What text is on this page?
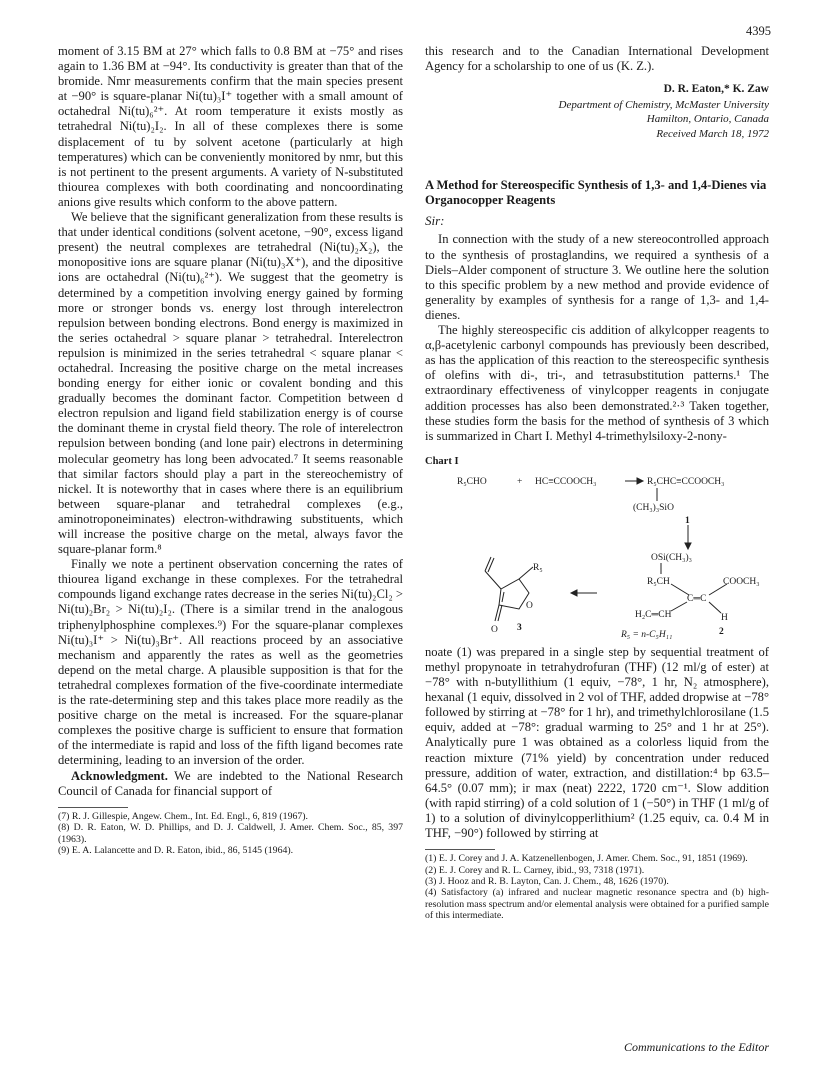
4395

moment of 3.15 BM at 27° which falls to 0.8 BM at −75° and rises again to 1.36 BM at −94°. Its conductivity is greater than that of the bromide. Nmr measurements confirm that the main species present at −90° is square-planar Ni(tu)₃I⁺ together with a small amount of octahedral Ni(tu)₆²⁺. At room temperature it exists mostly as tetrahedral Ni(tu)₂I₂. In all of these complexes there is some displacement of tu by solvent acetone (particularly at high temperatures) which can be conveniently monitored by nmr, but this is not pertinent to the present arguments. A variety of N-substituted thiourea complexes with both coordinating and noncoordinating anions give results which conform to the above pattern.

We believe that the significant generalization from these results is that under identical conditions (solvent acetone, −90°, excess ligand present) the neutral complexes are tetrahedral (Ni(tu)₂X₂), the monopositive ions are square planar (Ni(tu)₃X⁺), and the dipositive ions are octahedral (Ni(tu)₆²⁺). We suggest that the geometry is determined by a competition involving energy gained by forming more or stronger bonds vs. energy lost through interelectron repulsion between bonding electrons. Bond energy is maximized in the series octahedral > square planar > tetrahedral. Interelectron repulsion is minimized in the series tetrahedral < square planar < octahedral. Increasing the positive charge on the metal increases bonding energy for either ionic or covalent bonding and this gradually becomes the dominant factor. Competition between d electron repulsion and ligand field stabilization energy is of course the dominant theme in crystal field theory. The role of interelectron repulsion between bonding (and lone pair) electrons in determining molecular geometry has long been advocated.⁷ It seems reasonable that similar factors should play a part in the stereochemistry of nickel. It is noteworthy that in cases where there is an equilibrium between square-planar and tetrahedral complexes (e.g., aminotroponeiminates) electron-withdrawing substituents, which will increase the positive charge on the metal, always favor the square-planar form.⁸

Finally we note a pertinent observation concerning the rates of thiourea ligand exchange in these complexes. For the tetrahedral compounds ligand exchange rates decrease in the series Ni(tu)₂Cl₂ > Ni(tu)₂Br₂ > Ni(tu)₂I₂. (There is a similar trend in the analogous triphenylphosphine complexes.⁹) For the square-planar complexes Ni(tu)₃I⁺ > Ni(tu)₃Br⁺. All reactions proceed by an associative mechanism and apparently the rates as well as the geometries depend on the metal charge. A plausible supposition is that for the tetrahedral complexes formation of the five-coordinate intermediate is the rate-determining step and this takes place more readily as the positive charge on the metal is increased. For the square-planar complexes the positive charge is sufficient to ensure that formation of the intermediate is rapid and loss of the fifth ligand becomes rate determining, leading to an inversion of the order.

Acknowledgment. We are indebted to the National Research Council of Canada for financial support of

(7) R. J. Gillespie, Angew. Chem., Int. Ed. Engl., 6, 819 (1967).
(8) D. R. Eaton, W. D. Phillips, and D. J. Caldwell, J. Amer. Chem. Soc., 85, 397 (1963).
(9) E. A. Lalancette and D. R. Eaton, ibid., 86, 5145 (1964).

this research and to the Canadian International Development Agency for a scholarship to one of us (K. Z.).

D. R. Eaton,* K. Zaw
Department of Chemistry, McMaster University
Hamilton, Ontario, Canada
Received March 18, 1972
A Method for Stereospecific Synthesis of 1,3- and 1,4-Dienes via Organocopper Reagents
Sir:

In connection with the study of a new stereocontrolled approach to the synthesis of prostaglandins, we required a synthesis of a Diels–Alder component of structure 3. We outline here the solution to this specific problem by a new method and provide evidence of generality by examples of synthesis for a range of 1,3- and 1,4-dienes.

The highly stereospecific cis addition of alkylcopper reagents to α,β-acetylenic carbonyl compounds has previously been described, as has the application of this reaction to the stereospecific synthesis of olefins with di-, tri-, and tetrasubstitution patterns.¹ The extraordinary effectiveness of vinylcopper reagents in conjugate addition processes has also been demonstrated.²·³ Taken together, these studies form the basis for the method of synthesis of 3 which is summarized in Chart I. Methyl 4-trimethylsiloxy-2-nony-

Chart I
R₅CHO	+ HC≡CCOOCH₃	R₅CHC≡CCOOCH₃
(CH₃)₃SiO
1
OSi(CH₃)₃
R₅CH	COOCH₃
C═C
H₂C═CH	H
2
R₅
O
O 3
R₅ = n-C₅H₁₁

noate (1) was prepared in a single step by sequential treatment of methyl propynoate in tetrahydrofuran (THF) (12 ml/g of ester) at −78° with n-butyllithium (1 equiv, −78°, 1 hr, N₂ atmosphere), hexanal (1 equiv, dissolved in 2 vol of THF, added dropwise at −78° followed by stirring at −78° for 1 hr), and trimethylchlorosilane (1.5 equiv, added at −78°: gradual warming to 25° and 1 hr at 25°). Analytically pure 1 was obtained as a colorless liquid from the reaction mixture (71% yield) by concentration under reduced pressure, addition of water, extraction, and distillation:⁴ bp 63.5–64.5° (0.07 mm); ir max (neat) 2222, 1720 cm⁻¹. Slow addition (with rapid stirring) of a cold solution of 1 (−50°) in THF (1 ml/g of 1) to a solution of divinylcopperlithium² (1.25 equiv, ca. 0.4 M in THF, −90°) followed by stirring at

(1) E. J. Corey and J. A. Katzenellenbogen, J. Amer. Chem. Soc., 91, 1851 (1969).
(2) E. J. Corey and R. L. Carney, ibid., 93, 7318 (1971).
(3) J. Hooz and R. B. Layton, Can. J. Chem., 48, 1626 (1970).
(4) Satisfactory (a) infrared and nuclear magnetic resonance spectra and (b) high-resolution mass spectrum and/or elemental analysis were obtained for a purified sample of this intermediate.
Communications to the Editor
